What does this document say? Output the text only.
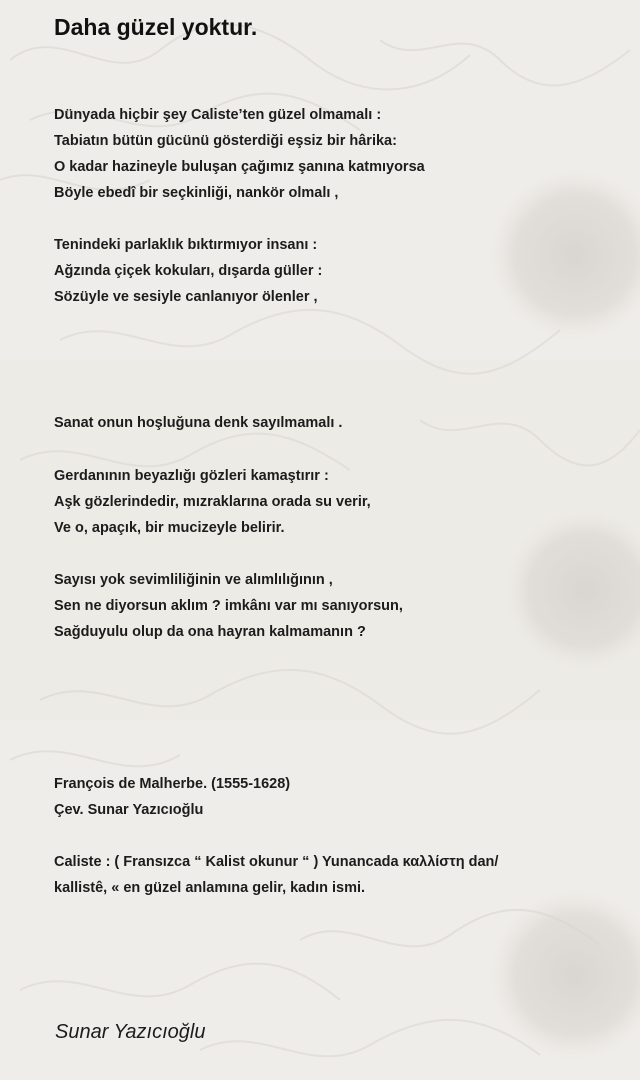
Daha güzel yoktur.
Dünyada hiçbir şey Caliste’ten güzel olmamalı :
Tabiatın bütün gücünü gösterdiği eşsiz bir hârika:
O kadar hazineyle buluşan çağımız şanına katmıyorsa
Böyle ebedî bir seçkinliği, nankör olmalı ,
Tenindeki parlaklık bıktırmıyor insanı :
Ağzında çiçek kokuları, dışarda güller :
Sözüyle ve sesiyle canlanıyor ölenler ,
Sanat onun hoşluğuna denk sayılmamalı .
Gerdanının beyazlığı gözleri kamaştırır :
Aşk gözlerindedir, mızraklarına orada su verir,
Ve o, apaçık, bir mucizeyle belirir.
Sayısı yok sevimliliğinin ve alımlılığının ,
Sen ne diyorsun aklım ? imkânı var mı sanıyorsun,
Sağduyulu olup da ona hayran kalmamanın ?
François de Malherbe. (1555-1628)
Çev. Sunar Yazıcıoğlu
Caliste : ( Fransızca “ Kalist okunur “ ) Yunancada καλλίστη dan/
kallistê, « en güzel anlamına gelir, kadın ismi.
Sunar Yazıcıoğlu
